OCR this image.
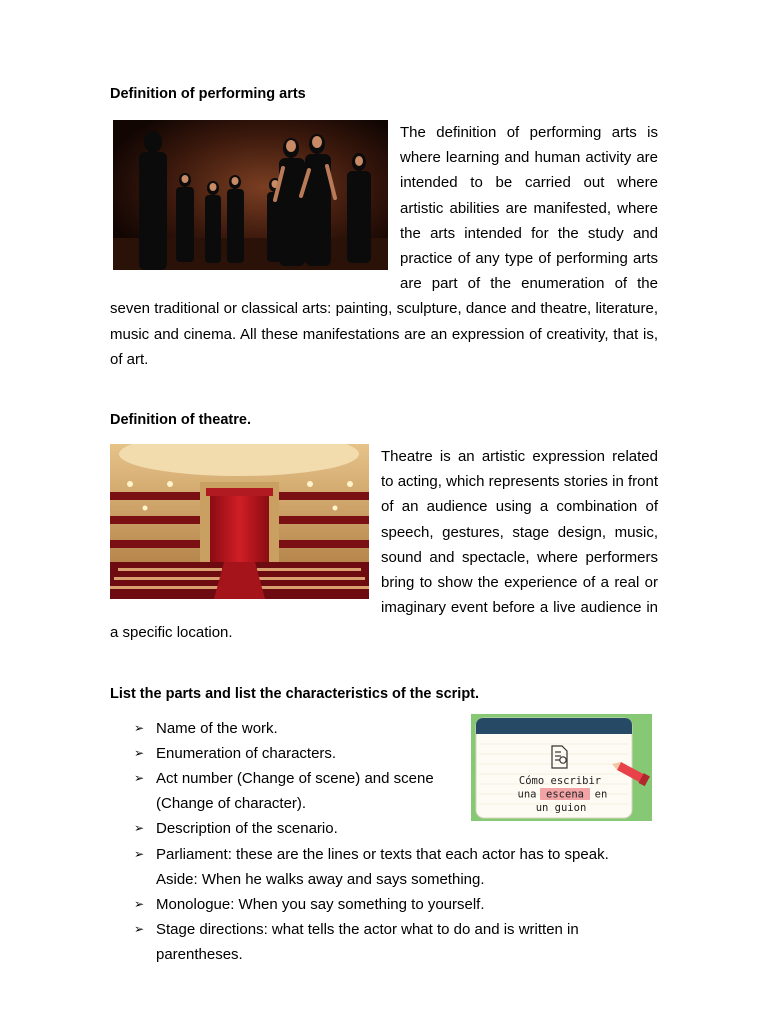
Definition of performing arts

The definition of performing arts is where learning and human activity are intended to be carried out where artistic abilities are manifested, where the arts intended for the study and practice of any type of performing arts are part of the enumeration of the seven traditional or classical arts: painting, sculpture, dance and theatre, literature, music and cinema. All these manifestations are an expression of creativity, that is, of art.

Definition of theatre.

Theatre is an artistic expression related to acting, which represents stories in front of an audience using a combination of speech, gestures, stage design, music, sound and spectacle, where performers bring to show the experience of a real or imaginary event before a live audience in a specific location.

List the parts and list the characteristics of the script.
➢ Name of the work.
➢ Enumeration of characters.
➢ Act number (Change of scene) and scene
(Change of character).
➢ Description of the scenario.
➢ Parliament: these are the lines or texts that each actor has to speak.
Aside: When he walks away and says something.
➢ Monologue: When you say something to yourself.
➢ Stage directions: what tells the actor what to do and is written in
parentheses.
Cómo escribir
una escena en
un guion
